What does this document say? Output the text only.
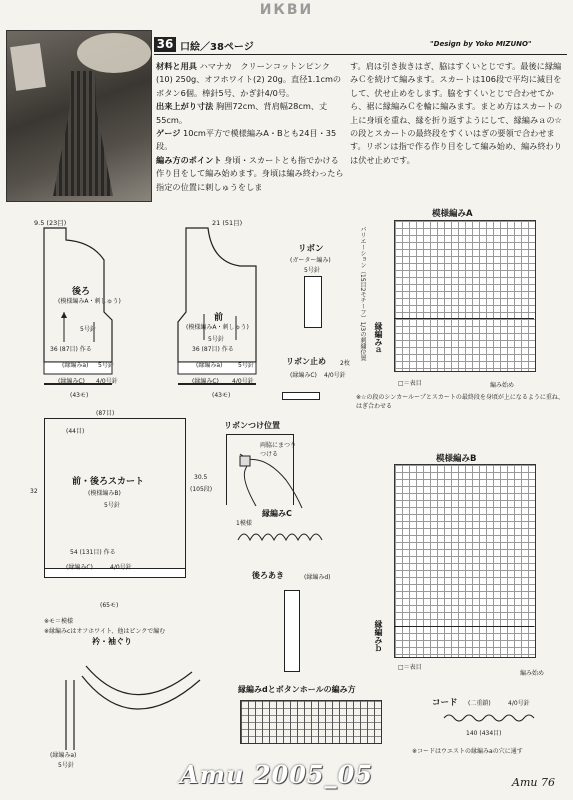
ИКВИ
36 口絵／38ページ	"Design by Yoko MIZUNO"
材料と用具 ハマナカ　クリーンコットンピンク(10) 250g、オフホワイト(2) 20g。直径1.1cmのボタン6個。棒針5号、かぎ針4/0号。
出来上がり寸法 胸囲72cm、背肩幅28cm、丈55cm。
ゲージ 10cm平方で模様編みA・Bとも24目・35段。
編み方のポイント 身頃・スカートとも指でかける作り目をして編み始めます。身頃は編み終わったら指定の位置に刺しゅうをしま
す。肩は引き抜きはぎ、脇はすくいとじです。最後に縁編みＣを続けて編みます。スカートは106段で平均に減目をして、伏せ止めをします。脇をすくいとじで合わせてから、裾に縁編みＣを輪に編みます。まとめ方はスカートの上に身頃を重ね、縁を折り返すようにして、縁編みａの☆の段とスカートの最終段をすくいはぎの要領で合わせます。リボンは指で作る作り目をして編み始め、編み終わりは伏せ止めです。
9.5 (23目)
後ろ
(模様編みA・刺しゅう)
5号針
36 (87目) 作る
(縁編みa) 5号針
(縁編みC) 4/0号針
(43モ)
21 (51目)
前
(模様編みA・刺しゅう)
5号針
36 (87目) 作る
(縁編みa)	5号針
(縁編みC) 4/0号針
(43モ)
リボン
(ガーター編み)
5号針
リボン止め 2枚
(縁編みC) 4/0号針
模様編みA
バリエーション（15目2モチーフ）1/3の刺繍位置	縁編みａ
□＝表目	編み始め
※☆の段のシンカーループとスカートの最終段を身頃が上になるように重ね、はぎ合わせる
(87目)
(44目)
前・後ろスカート
(模様編みB)
5号針
32
30.5
(105段)
54 (131目) 作る
(縁編みC)	4/0号針
(65モ)
※モ＝模様
※縁編みcはオフホワイト、他はピンクで編む
リボンつけ位置
両脇にまつりつける
縁編みC
1模様
後ろあき	(縁編みd)
衿・袖ぐり
(縁編みa)
5号針
縁編みdとボタンホールの編み方
模様編みB
縁編みｂ
□＝表目
編み始め
コード (二重鎖)	4/0号針
140 (434目)
※コードはウエストの縁編みaの穴に通す
Amu 2005_05	Amu 76
